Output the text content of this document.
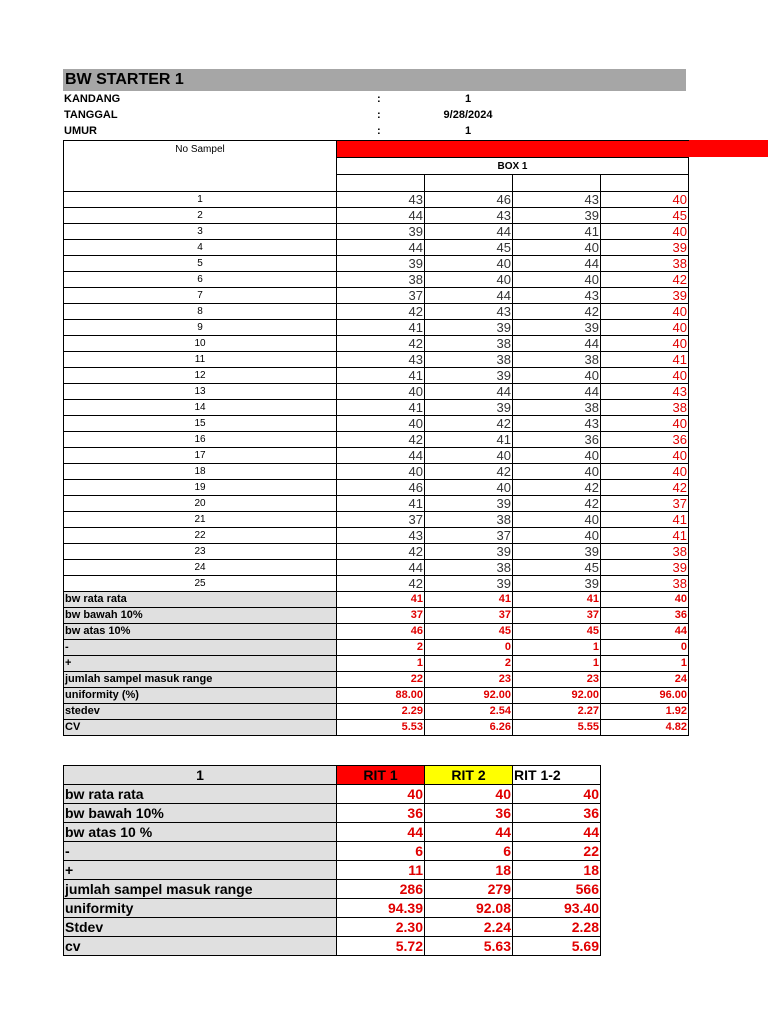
BW STARTER 1
KANDANG	:	1
TANGGAL	:	9/28/2024
UMUR	:	1
No Sampel				
	BOX 1			

1	43	46	43	40
2	44	43	39	45
3	39	44	41	40
4	44	45	40	39
5	39	40	44	38
6	38	40	40	42
7	37	44	43	39
8	42	43	42	40
9	41	39	39	40
10	42	38	44	40
11	43	38	38	41
12	41	39	40	40
13	40	44	44	43
14	41	39	38	38
15	40	42	43	40
16	42	41	36	36
17	44	40	40	40
18	40	42	40	40
19	46	40	42	42
20	41	39	42	37
21	37	38	40	41
22	43	37	40	41
23	42	39	39	38
24	44	38	45	39
25	42	39	39	38
bw rata rata	41	41	41	40
bw bawah 10%	37	37	37	36
bw atas 10%	46	45	45	44
-	2	0	1	0
+	1	2	1	1
jumlah sampel masuk range	22	23	23	24
uniformity (%)	88.00	92.00	92.00	96.00
stedev	2.29	2.54	2.27	1.92
CV	5.53	6.26	5.55	4.82
1	RIT 1	RIT 2	RIT 1-2
bw rata rata	40	40	40
bw bawah 10%	36	36	36
bw atas 10 %	44	44	44
-	6	6	22
+	11	18	18
jumlah sampel masuk range	286	279	566
uniformity	94.39	92.08	93.40
Stdev	2.30	2.24	2.28
cv	5.72	5.63	5.69
